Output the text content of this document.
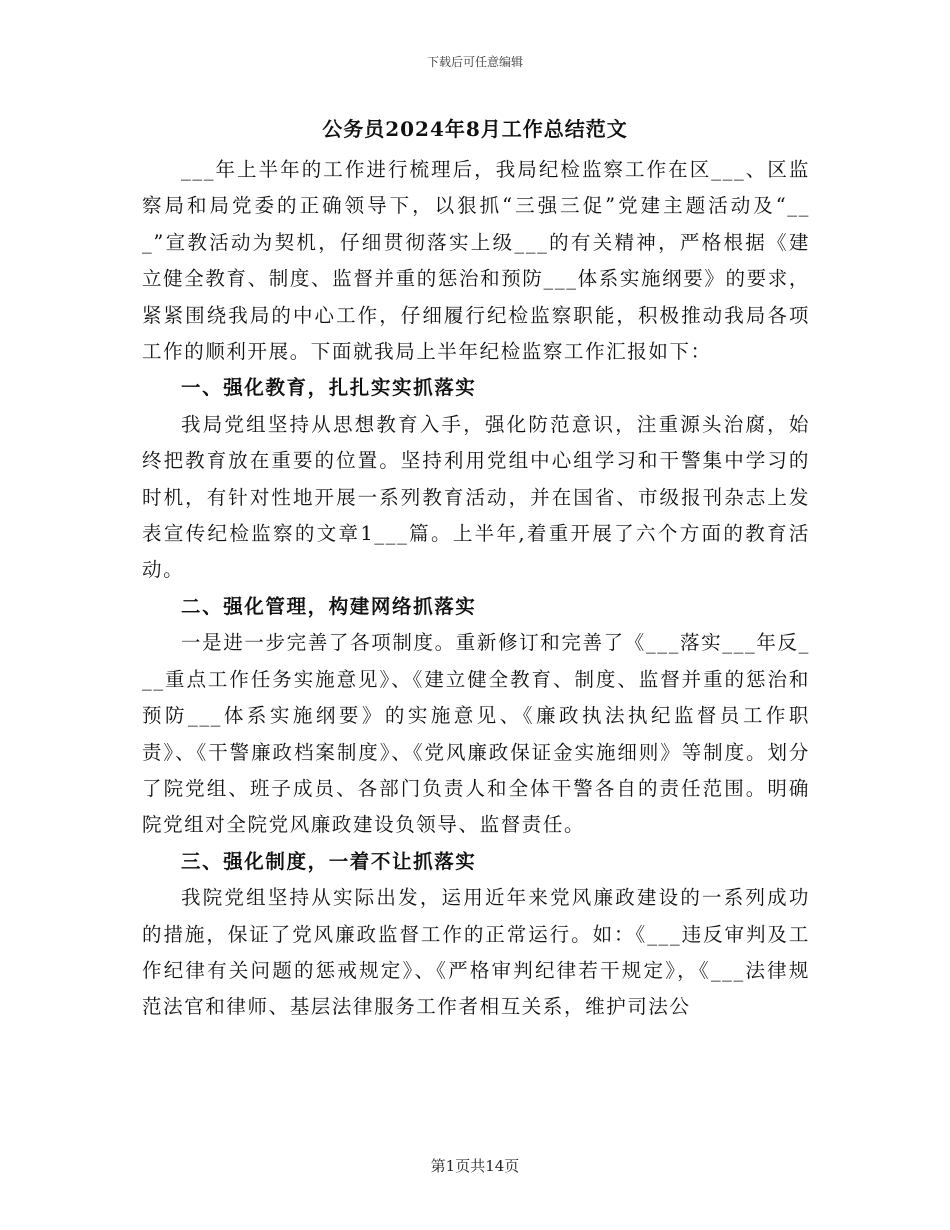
下载后可任意编辑
公务员2024年8月工作总结范文

___年上半年的工作进行梳理后，我局纪检监察工作在区___、区监察局和局党委的正确领导下，以狠抓“三强三促”党建主题活动及“___”宣教活动为契机，仔细贯彻落实上级___的有关精神，严格根据《建立健全教育、制度、监督并重的惩治和预防___体系实施纲要》的要求，紧紧围绕我局的中心工作，仔细履行纪检监察职能，积极推动我局各项工作的顺利开展。下面就我局上半年纪检监察工作汇报如下：

一、强化教育，扎扎实实抓落实

我局党组坚持从思想教育入手，强化防范意识，注重源头治腐，始终把教育放在重要的位置。坚持利用党组中心组学习和干警集中学习的时机，有针对性地开展一系列教育活动，并在国省、市级报刊杂志上发表宣传纪检监察的文章1___篇。上半年,着重开展了六个方面的教育活动。

二、强化管理，构建网络抓落实

一是进一步完善了各项制度。重新修订和完善了《___落实___年反___重点工作任务实施意见》、《建立健全教育、制度、监督并重的惩治和预防___体系实施纲要》的实施意见、《廉政执法执纪监督员工作职责》、《干警廉政档案制度》、《党风廉政保证金实施细则》等制度。划分了院党组、班子成员、各部门负责人和全体干警各自的责任范围。明确院党组对全院党风廉政建设负领导、监督责任。

三、强化制度，一着不让抓落实

我院党组坚持从实际出发，运用近年来党风廉政建设的一系列成功的措施，保证了党风廉政监督工作的正常运行。如：《___违反审判及工作纪律有关问题的惩戒规定》、《严格审判纪律若干规定》，《___法律规范法官和律师、基层法律服务工作者相互关系，维护司法公

第1页共14页
